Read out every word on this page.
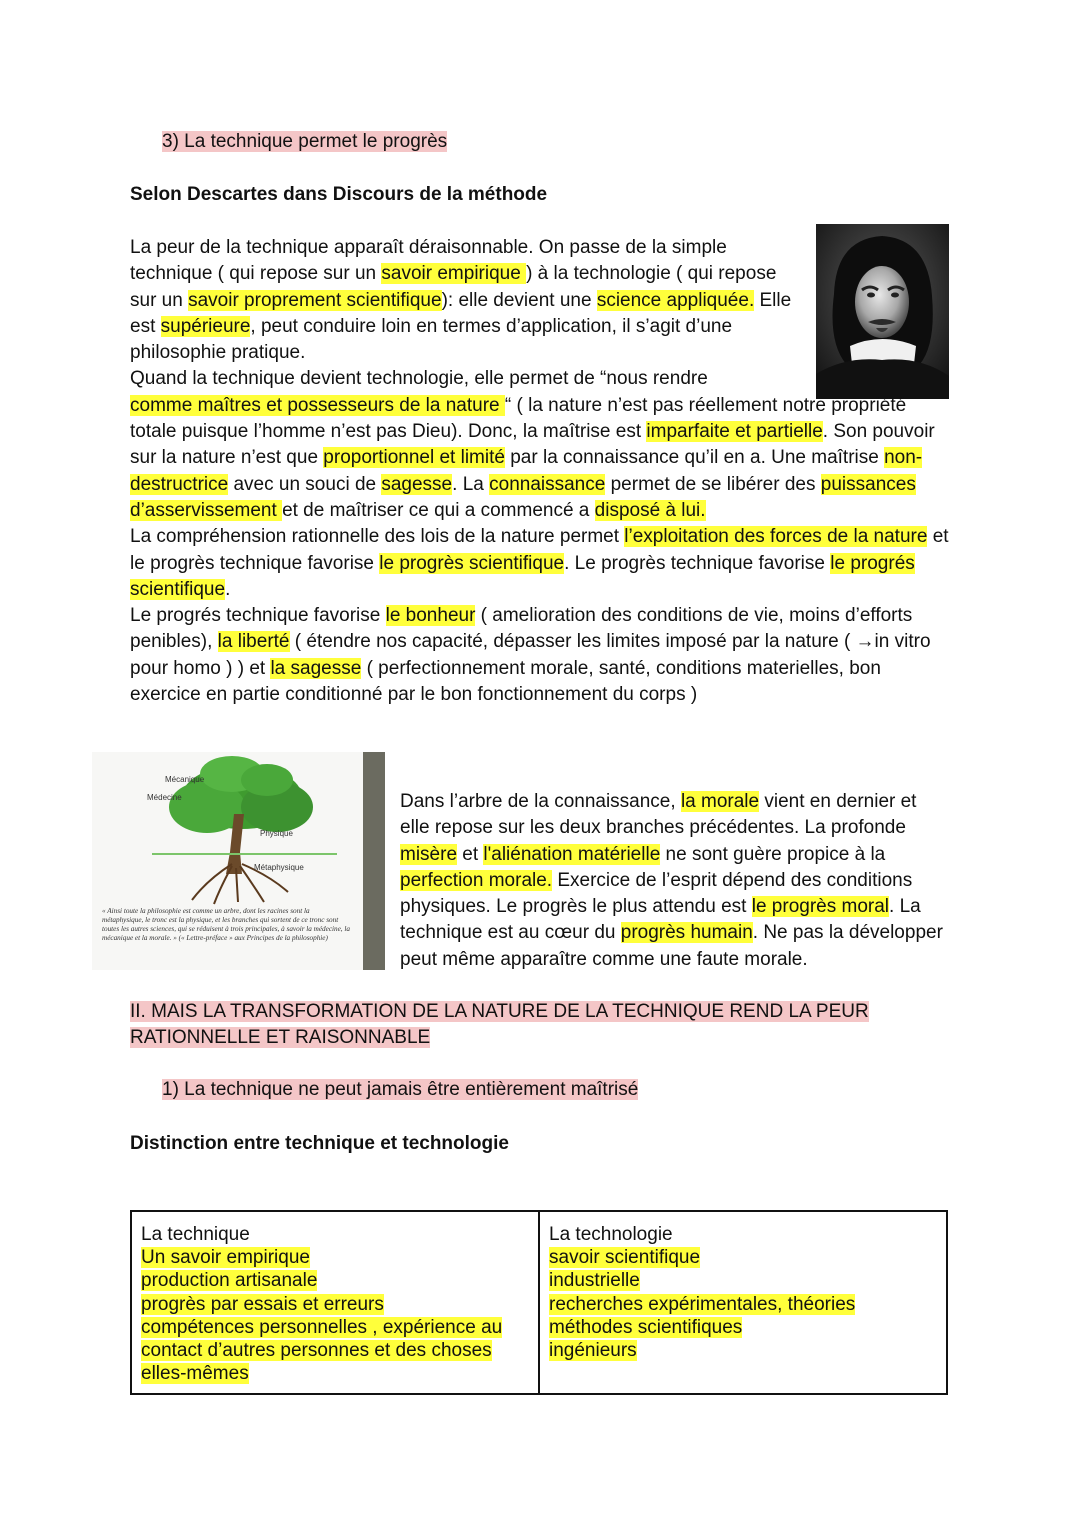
3) La technique permet le progrès
Selon Descartes dans Discours de la méthode

La peur de la technique apparaît déraisonnable. On passe de la simple technique ( qui repose sur un savoir empirique ) à la technologie ( qui repose sur un savoir proprement scientifique): elle devient une science appliquée. Elle est supérieure, peut conduire loin en termes d’application, il s’agit d’une philosophie pratique.

Quand la technique devient technologie, elle permet de “nous rendre
comme maîtres et possesseurs de la nature “ ( la nature n’est pas réellement notre propriété totale puisque l’homme n’est pas Dieu). Donc, la maîtrise est imparfaite et partielle. Son pouvoir sur la nature n’est que proportionnel et limité par la connaissance qu’il en a. Une maîtrise non-destructrice avec un souci de sagesse. La connaissance permet de se libérer des puissances d’asservissement et de maîtriser ce qui a commencé a disposé à lui.

La compréhension rationnelle des lois de la nature permet l’exploitation des forces de la nature et le progrès technique favorise le progrès scientifique. Le progrès technique favorise le progrés scientifique.

Le progrés technique favorise le bonheur ( amelioration des conditions de vie, moins d’efforts penibles), la liberté ( étendre nos capacité, dépasser les limites imposé par la nature ( →in vitro pour homo ) ) et la sagesse ( perfectionnement morale, santé, conditions materielles, bon exercice en partie conditionné par le bon fonctionnement du corps )

Mécanique
Médecine
Physique
Métaphysique
« Ainsi toute la philosophie est comme un arbre, dont les racines sont la métaphysique, le tronc est la physique, et les branches qui sortent de ce tronc sont toutes les autres sciences, qui se réduisent à trois principales, à savoir la médecine, la mécanique et la morale. » (« Lettre-préface » aux Principes de la philosophie)

Dans l’arbre de la connaissance, la morale vient en dernier et elle repose sur les deux branches précédentes. La profonde misère et l'aliénation matérielle ne sont guère propice à la perfection morale. Exercice de l’esprit dépend des conditions physiques. Le progrès le plus attendu est le progrès moral. La technique est au cœur du progrès humain. Ne pas la développer peut même apparaître comme une faute morale.

II. MAIS LA TRANSFORMATION DE LA NATURE DE LA TECHNIQUE REND LA PEUR
RATIONNELLE ET RAISONNABLE
1) La technique ne peut jamais être entièrement maîtrisé
Distinction entre technique et technologie
La technique
Un savoir empirique
production artisanale
progrès par essais et erreurs
compétences personnelles , expérience au contact d’autres personnes et des choses elles-mêmes

La technologie
savoir scientifique
industrielle
recherches expérimentales, théories
méthodes scientifiques
ingénieurs
